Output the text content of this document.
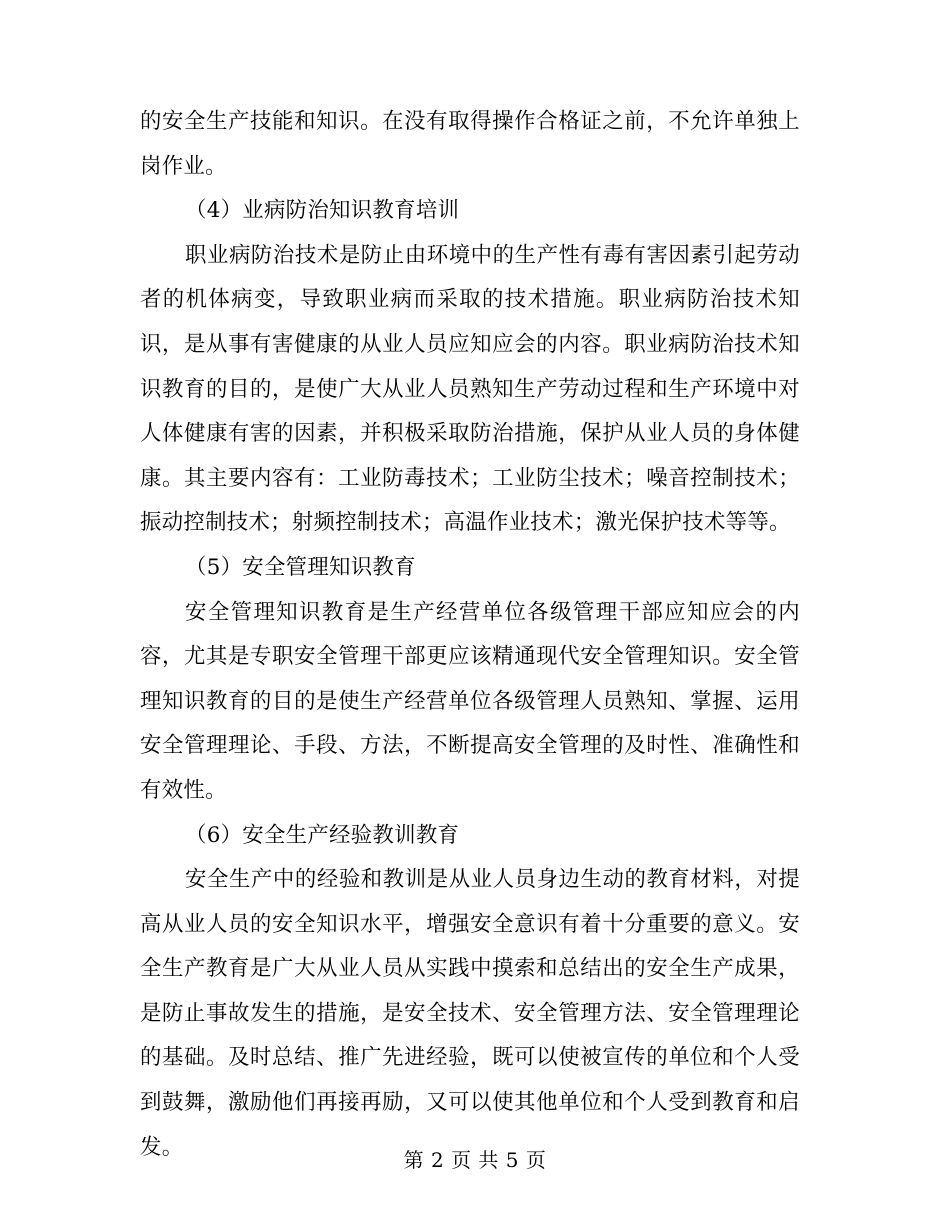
的安全生产技能和知识。在没有取得操作合格证之前，不允许单独上岗作业。

（4）业病防治知识教育培训

职业病防治技术是防止由环境中的生产性有毒有害因素引起劳动者的机体病变，导致职业病而采取的技术措施。职业病防治技术知识，是从事有害健康的从业人员应知应会的内容。职业病防治技术知识教育的目的，是使广大从业人员熟知生产劳动过程和生产环境中对人体健康有害的因素，并积极采取防治措施，保护从业人员的身体健康。其主要内容有：工业防毒技术；工业防尘技术；噪音控制技术；振动控制技术；射频控制技术；高温作业技术；激光保护技术等等。

（5）安全管理知识教育

安全管理知识教育是生产经营单位各级管理干部应知应会的内容，尤其是专职安全管理干部更应该精通现代安全管理知识。安全管理知识教育的目的是使生产经营单位各级管理人员熟知、掌握、运用安全管理理论、手段、方法，不断提高安全管理的及时性、准确性和有效性。

（6）安全生产经验教训教育

安全生产中的经验和教训是从业人员身边生动的教育材料，对提高从业人员的安全知识水平，增强安全意识有着十分重要的意义。安全生产教育是广大从业人员从实践中摸索和总结出的安全生产成果，是防止事故发生的措施，是安全技术、安全管理方法、安全管理理论的基础。及时总结、推广先进经验，既可以使被宣传的单位和个人受到鼓舞，激励他们再接再励，又可以使其他单位和个人受到教育和启发。

第 2 页 共 5 页
